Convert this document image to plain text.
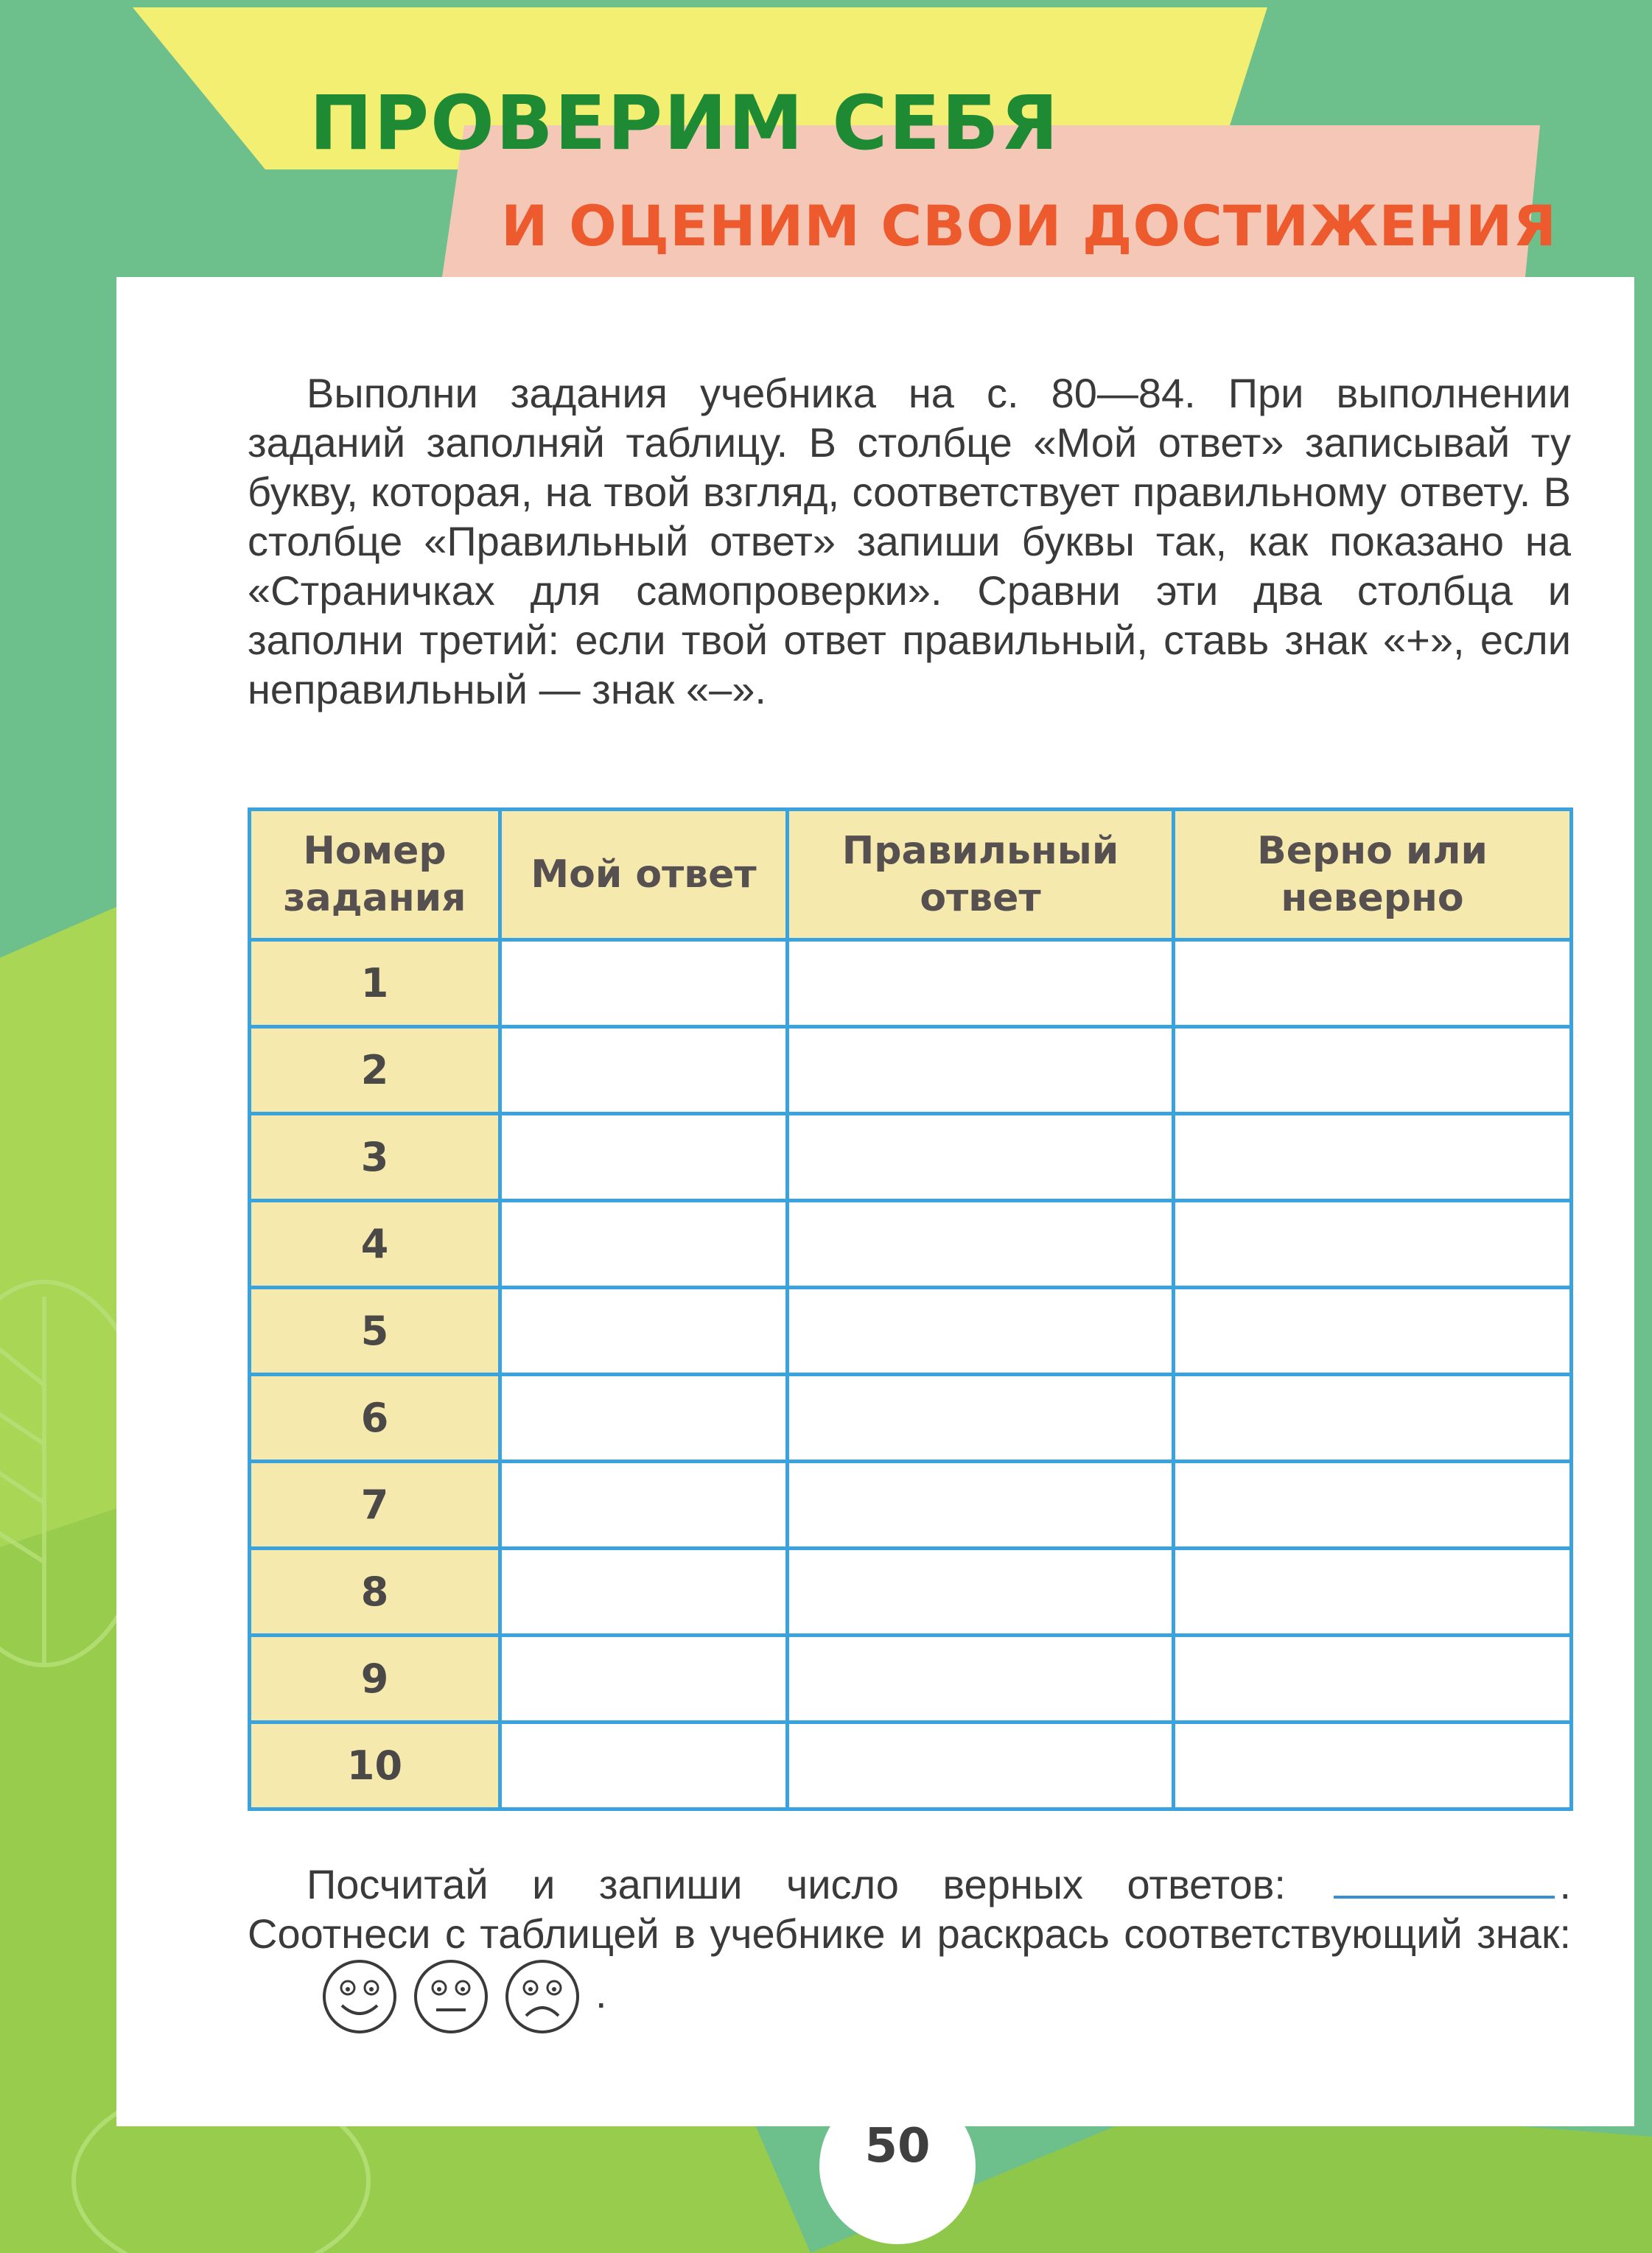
ПРОВЕРИМ СЕБЯ
И ОЦЕНИМ СВОИ ДОСТИЖЕНИЯ

Выполни задания учебника на с. 80—84. При выполнении заданий заполняй таблицу. В столбце «Мой ответ» записывай ту букву, которая, на твой взгляд, соответствует правильному ответу. В столбце «Правильный ответ» запиши буквы так, как показано на «Страничках для самопроверки». Сравни эти два столбца и заполни третий: если твой ответ правильный, ставь знак «+», если неправильный — знак «–».

Номер задания	Мой ответ	Правильный ответ	Верно или неверно
1			
2			
3			
4			
5			
6			
7			
8			
9			
10			

Посчитай и запиши число верных ответов:	. Соотнеси с таблицей в учебнике и раскрась соответствующий знак:.

50
